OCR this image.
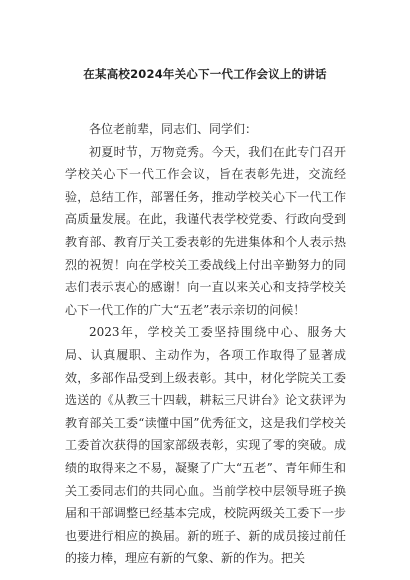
在某高校2024年关心下一代工作会议上的讲话

各位老前辈，同志们、同学们：

初夏时节，万物竞秀。今天，我们在此专门召开学校关心下一代工作会议，旨在表彰先进，交流经验，总结工作，部署任务，推动学校关心下一代工作高质量发展。在此，我谨代表学校党委、行政向受到教育部、教育厅关工委表彰的先进集体和个人表示热烈的祝贺！向在学校关工委战线上付出辛勤努力的同志们表示衷心的感谢！向一直以来关心和支持学校关心下一代工作的广大“五老”表示亲切的问候！

2023年，学校关工委坚持围绕中心、服务大局、认真履职、主动作为，各项工作取得了显著成效，多部作品受到上级表彰。其中，材化学院关工委选送的《从教三十四载，耕耘三尺讲台》论文获评为教育部关工委“读懂中国”优秀征文，这是我们学校关工委首次获得的国家部级表彰，实现了零的突破。成绩的取得来之不易，凝聚了广大“五老”、青年师生和关工委同志们的共同心血。当前学校中层领导班子换届和干部调整已经基本完成，校院两级关工委下一步也要进行相应的换届。新的班子、新的成员接过前任的接力棒，理应有新的气象、新的作为。把关
